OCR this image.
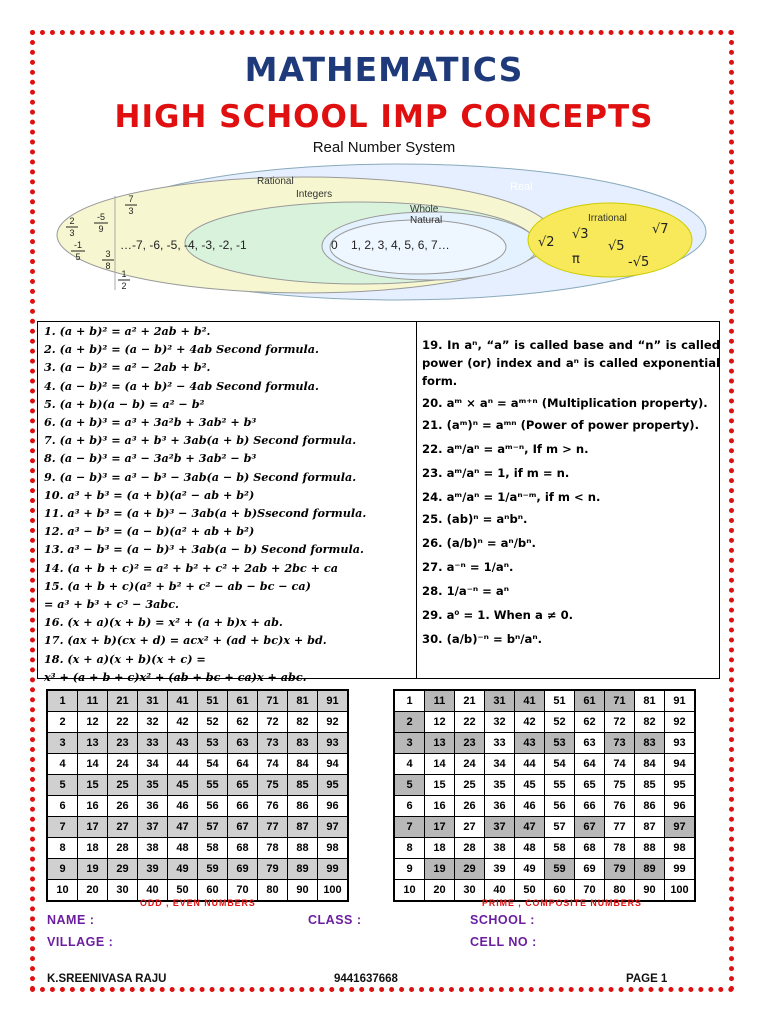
MATHEMATICS
HIGH SCHOOL IMP CONCEPTS
Real Number System
Rational
Integers
Whole
Natural
Real
Irrational
…-7, -6, -5, -4, -3, -2, -1	0 1, 2, 3, 4, 5, 6, 7…
2
3
-5
9
7
3
-1
5	3
8
1
2
√2
√3
√5
√7
π	-√5
1. (a + b)² = a² + 2ab + b².
2. (a + b)² = (a − b)² + 4ab Second formula.
3. (a − b)² = a² − 2ab + b².
4. (a − b)² = (a + b)² − 4ab Second formula.
5. (a + b)(a − b) = a² − b²
6. (a + b)³ = a³ + 3a²b + 3ab² + b³
7. (a + b)³ = a³ + b³ + 3ab(a + b) Second formula.
8. (a − b)³ = a³ − 3a²b + 3ab² − b³
9. (a − b)³ = a³ − b³ − 3ab(a − b) Second formula.
10. a³ + b³ = (a + b)(a² − ab + b²)
11. a³ + b³ = (a + b)³ − 3ab(a + b)Ssecond formula.
12. a³ − b³ = (a − b)(a² + ab + b²)
13. a³ − b³ = (a − b)³ + 3ab(a − b) Second formula.
14. (a + b + c)² = a² + b² + c² + 2ab + 2bc + ca
15. (a + b + c)(a² + b² + c² − ab − bc − ca)
= a³ + b³ + c³ − 3abc.
16. (x + a)(x + b) = x² + (a + b)x + ab.
17. (ax + b)(cx + d) = acx² + (ad + bc)x + bd.
18. (x + a)(x + b)(x + c) =
x³ + (a + b + c)x² + (ab + bc + ca)x + abc.
19. In aⁿ, “a” is called base and “n” is called power (or) index and aⁿ is called exponential form.
20. aᵐ × aⁿ = aᵐ⁺ⁿ (Multiplication property).
21. (aᵐ)ⁿ = aᵐⁿ (Power of power property).
22. aᵐ/aⁿ = aᵐ⁻ⁿ, If m > n.
23. aᵐ/aⁿ = 1, if m = n.
24. aᵐ/aⁿ = 1/aⁿ⁻ᵐ, if m < n.
25. (ab)ⁿ = aⁿbⁿ.
26. (a/b)ⁿ = aⁿ/bⁿ.
27. a⁻ⁿ = 1/aⁿ.
28. 1/a⁻ⁿ = aⁿ
29. a⁰ = 1. When a ≠ 0.
30. (a/b)⁻ⁿ = bⁿ/aⁿ.
1	11	21	31	41	51	61	71	81	91
2	12	22	32	42	52	62	72	82	92
3	13	23	33	43	53	63	73	83	93
4	14	24	34	44	54	64	74	84	94
5	15	25	35	45	55	65	75	85	95
6	16	26	36	46	56	66	76	86	96
7	17	27	37	47	57	67	77	87	97
8	18	28	38	48	58	68	78	88	98
9	19	29	39	49	59	69	79	89	99
10	20	30	40	50	60	70	80	90	100
1	11	21	31	41	51	61	71	81	91
2	12	22	32	42	52	62	72	82	92
3	13	23	33	43	53	63	73	83	93
4	14	24	34	44	54	64	74	84	94
5	15	25	35	45	55	65	75	85	95
6	16	26	36	46	56	66	76	86	96
7	17	27	37	47	57	67	77	87	97
8	18	28	38	48	58	68	78	88	98
9	19	29	39	49	59	69	79	89	99
10	20	30	40	50	60	70	80	90	100
ODD , EVEN NUMBERS	PRIME , COMPOSITE NUMBERS
NAME :	CLASS :	SCHOOL :
VILLAGE :	CELL NO :
K.SREENIVASA RAJU	9441637668	PAGE 1
